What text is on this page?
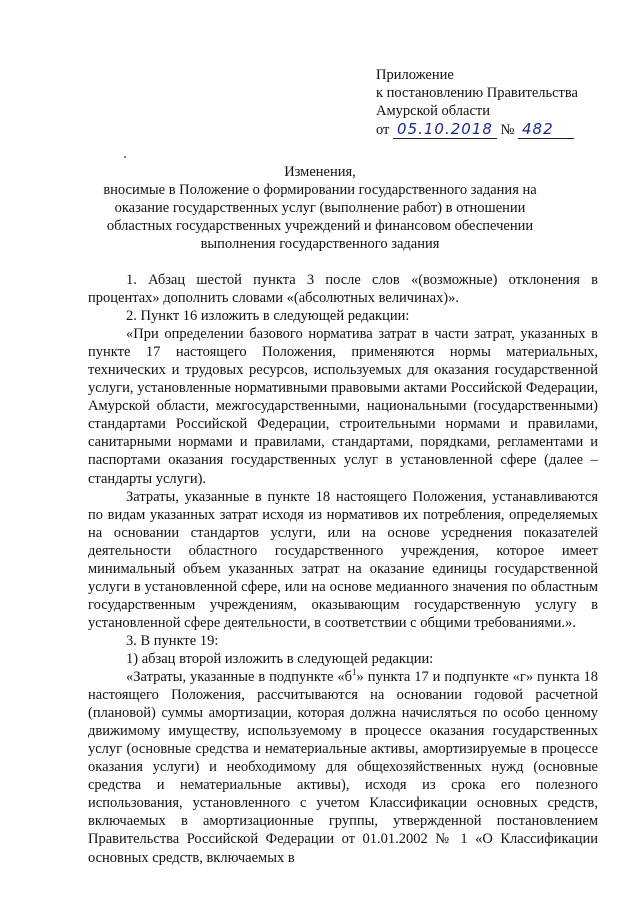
Приложение
к постановлению Правительства
Амурской области
от 05.10.2018 № 482
Изменения,
вносимые в Положение о формировании государственного задания на оказание государственных услуг (выполнение работ) в отношении областных государственных учреждений и финансовом обеспечении выполнения государственного задания

1. Абзац шестой пункта 3 после слов «(возможные) отклонения в процентах» дополнить словами «(абсолютных величинах)».

2. Пункт 16 изложить в следующей редакции:

«При определении базового норматива затрат в части затрат, указанных в пункте 17 настоящего Положения, применяются нормы материальных, технических и трудовых ресурсов, используемых для оказания государственной услуги, установленные нормативными правовыми актами Российской Федерации, Амурской области, межгосударственными, национальными (государственными) стандартами Российской Федерации, строительными нормами и правилами, санитарными нормами и правилами, стандартами, порядками, регламентами и паспортами оказания государственных услуг в установленной сфере (далее – стандарты услуги).

Затраты, указанные в пункте 18 настоящего Положения, устанавливаются по видам указанных затрат исходя из нормативов их потребления, определяемых на основании стандартов услуги, или на основе усреднения показателей деятельности областного государственного учреждения, которое имеет минимальный объем указанных затрат на оказание единицы государственной услуги в установленной сфере, или на основе медианного значения по областным государственным учреждениям, оказывающим государственную услугу в установленной сфере деятельности, в соответствии с общими требованиями.».

3. В пункте 19:

1) абзац второй изложить в следующей редакции:

«Затраты, указанные в подпункте «$б^1$» пункта 17 и подпункте «г» пункта 18 настоящего Положения, рассчитываются на основании годовой расчетной (плановой) суммы амортизации, которая должна начисляться по особо ценному движимому имуществу, используемому в процессе оказания государственных услуг (основные средства и нематериальные активы, амортизируемые в процессе оказания услуги) и необходимому для общехозяйственных нужд (основные средства и нематериальные активы), исходя из срока его полезного использования, установленного с учетом Классификации основных средств, включаемых в амортизационные группы, утвержденной постановлением Правительства Российской Федерации от 01.01.2002 № 1 «О Классификации основных средств, включаемых в
